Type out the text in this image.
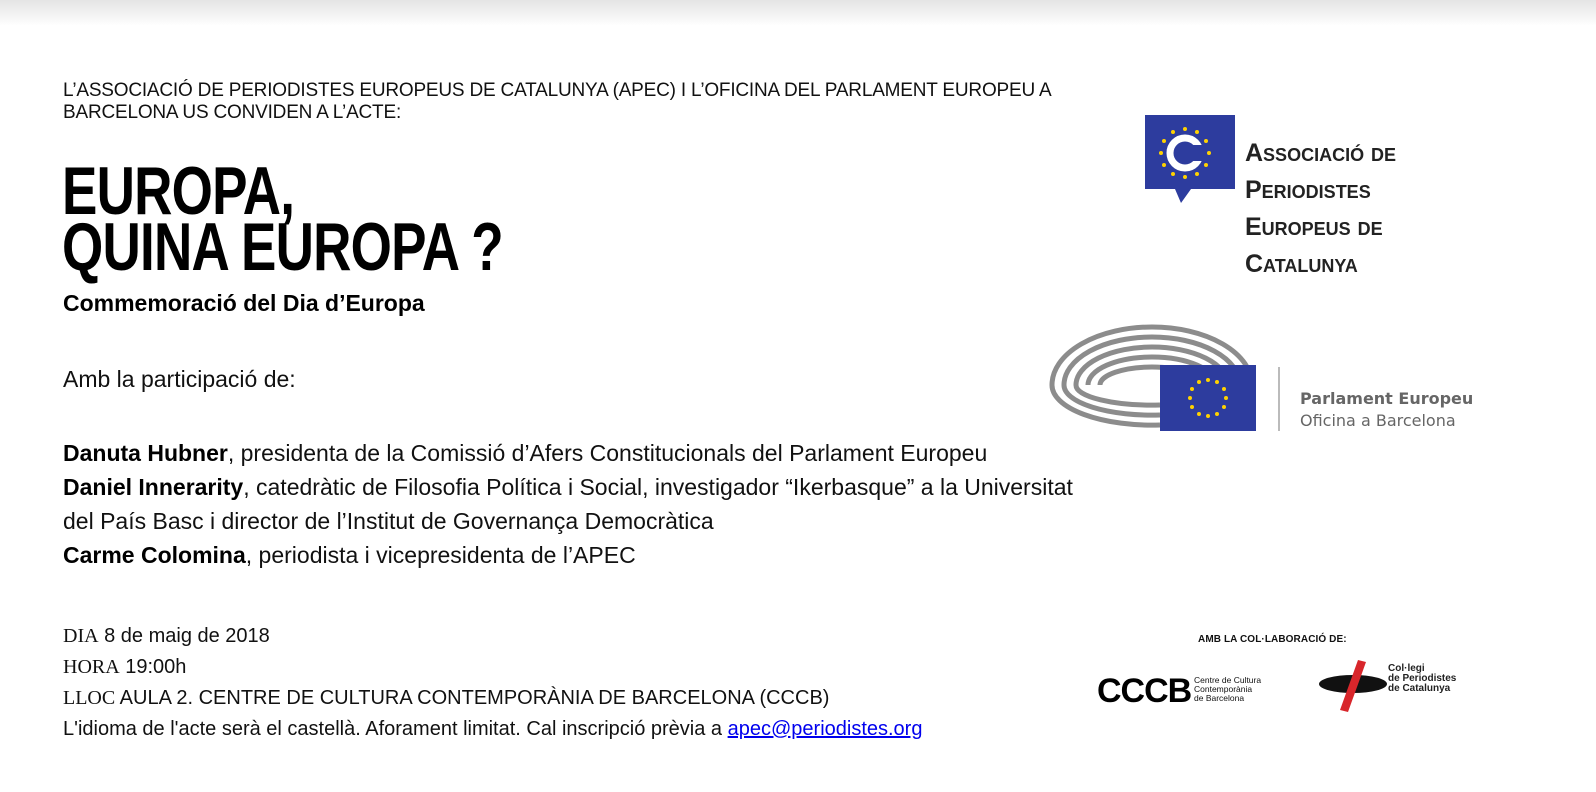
L’ASSOCIACIÓ DE PERIODISTES EUROPEUS DE CATALUNYA (APEC) I L’OFICINA DEL PARLAMENT EUROPEU A BARCELONA US CONVIDEN A L’ACTE:
EUROPA,
QUINA EUROPA ?
Commemoració del Dia d’Europa
Amb la participació de:

Danuta Hubner, presidenta de la Comissió d’Afers Constitucionals del Parlament Europeu

Daniel Innerarity, catedràtic de Filosofia Política i Social, investigador “Ikerbasque” a la Universitat del País Basc i director de l’Institut de Governança Democràtica

Carme Colomina, periodista i vicepresidenta de l’APEC

DIA 8 de maig de 2018
HORA 19:00h
LLOC AULA 2. CENTRE DE CULTURA CONTEMPORÀNIA DE BARCELONA (CCCB)
L'idioma de l'acte serà el castellà. Aforament limitat. Cal inscripció prèvia a apec@periodistes.org
Associació de
Periodistes
Europeus de
Catalunya
Parlament Europeu
Oficina a Barcelona
AMB LA COL·LABORACIÓ DE:
CCCB Centre de Cultura
Contemporània
de Barcelona
Col·legi
de Periodistes
de Catalunya
